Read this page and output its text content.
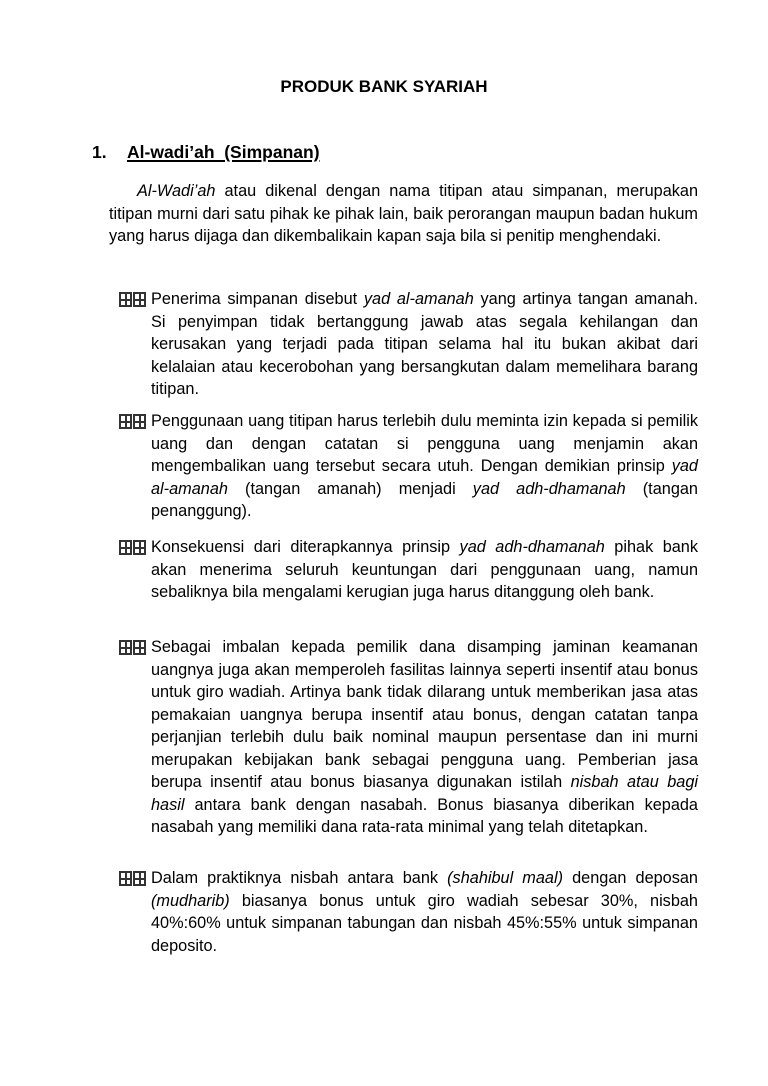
PRODUK BANK SYARIAH
1. Al-wadi’ah  (Simpanan)

Al-Wadi’ah atau dikenal dengan nama titipan atau simpanan, merupakan titipan murni dari satu pihak ke pihak lain, baik perorangan maupun badan hukum yang harus dijaga dan dikembalikain kapan saja bila si penitip menghendaki.

Penerima simpanan disebut yad al-amanah yang artinya tangan amanah. Si penyimpan tidak bertanggung jawab atas segala kehilangan dan kerusakan yang terjadi pada titipan selama hal itu bukan akibat dari kelalaian atau kecerobohan yang bersangkutan dalam memelihara barang titipan.

Penggunaan uang titipan harus terlebih dulu meminta izin kepada si pemilik uang dan dengan catatan si pengguna uang menjamin akan mengembalikan uang tersebut secara utuh. Dengan demikian prinsip yad al-amanah (tangan amanah) menjadi yad adh-dhamanah (tangan penanggung).

Konsekuensi dari diterapkannya prinsip yad adh-dhamanah pihak bank akan menerima seluruh keuntungan dari penggunaan uang, namun sebaliknya bila mengalami kerugian juga harus ditanggung oleh bank.

Sebagai imbalan kepada pemilik dana disamping jaminan keamanan uangnya juga akan memperoleh fasilitas lainnya seperti insentif atau bonus untuk giro wadiah. Artinya bank tidak dilarang untuk memberikan jasa atas pemakaian uangnya berupa insentif atau bonus, dengan catatan tanpa perjanjian terlebih dulu baik nominal maupun persentase dan ini murni merupakan kebijakan bank sebagai pengguna uang. Pemberian jasa berupa insentif atau bonus biasanya digunakan istilah nisbah atau bagi hasil antara bank dengan nasabah. Bonus biasanya diberikan kepada nasabah yang memiliki dana rata-rata minimal yang telah ditetapkan.

Dalam praktiknya nisbah antara bank (shahibul maal) dengan deposan (mudharib) biasanya bonus untuk giro wadiah sebesar 30%, nisbah 40%:60% untuk simpanan tabungan dan nisbah 45%:55% untuk simpanan deposito.
